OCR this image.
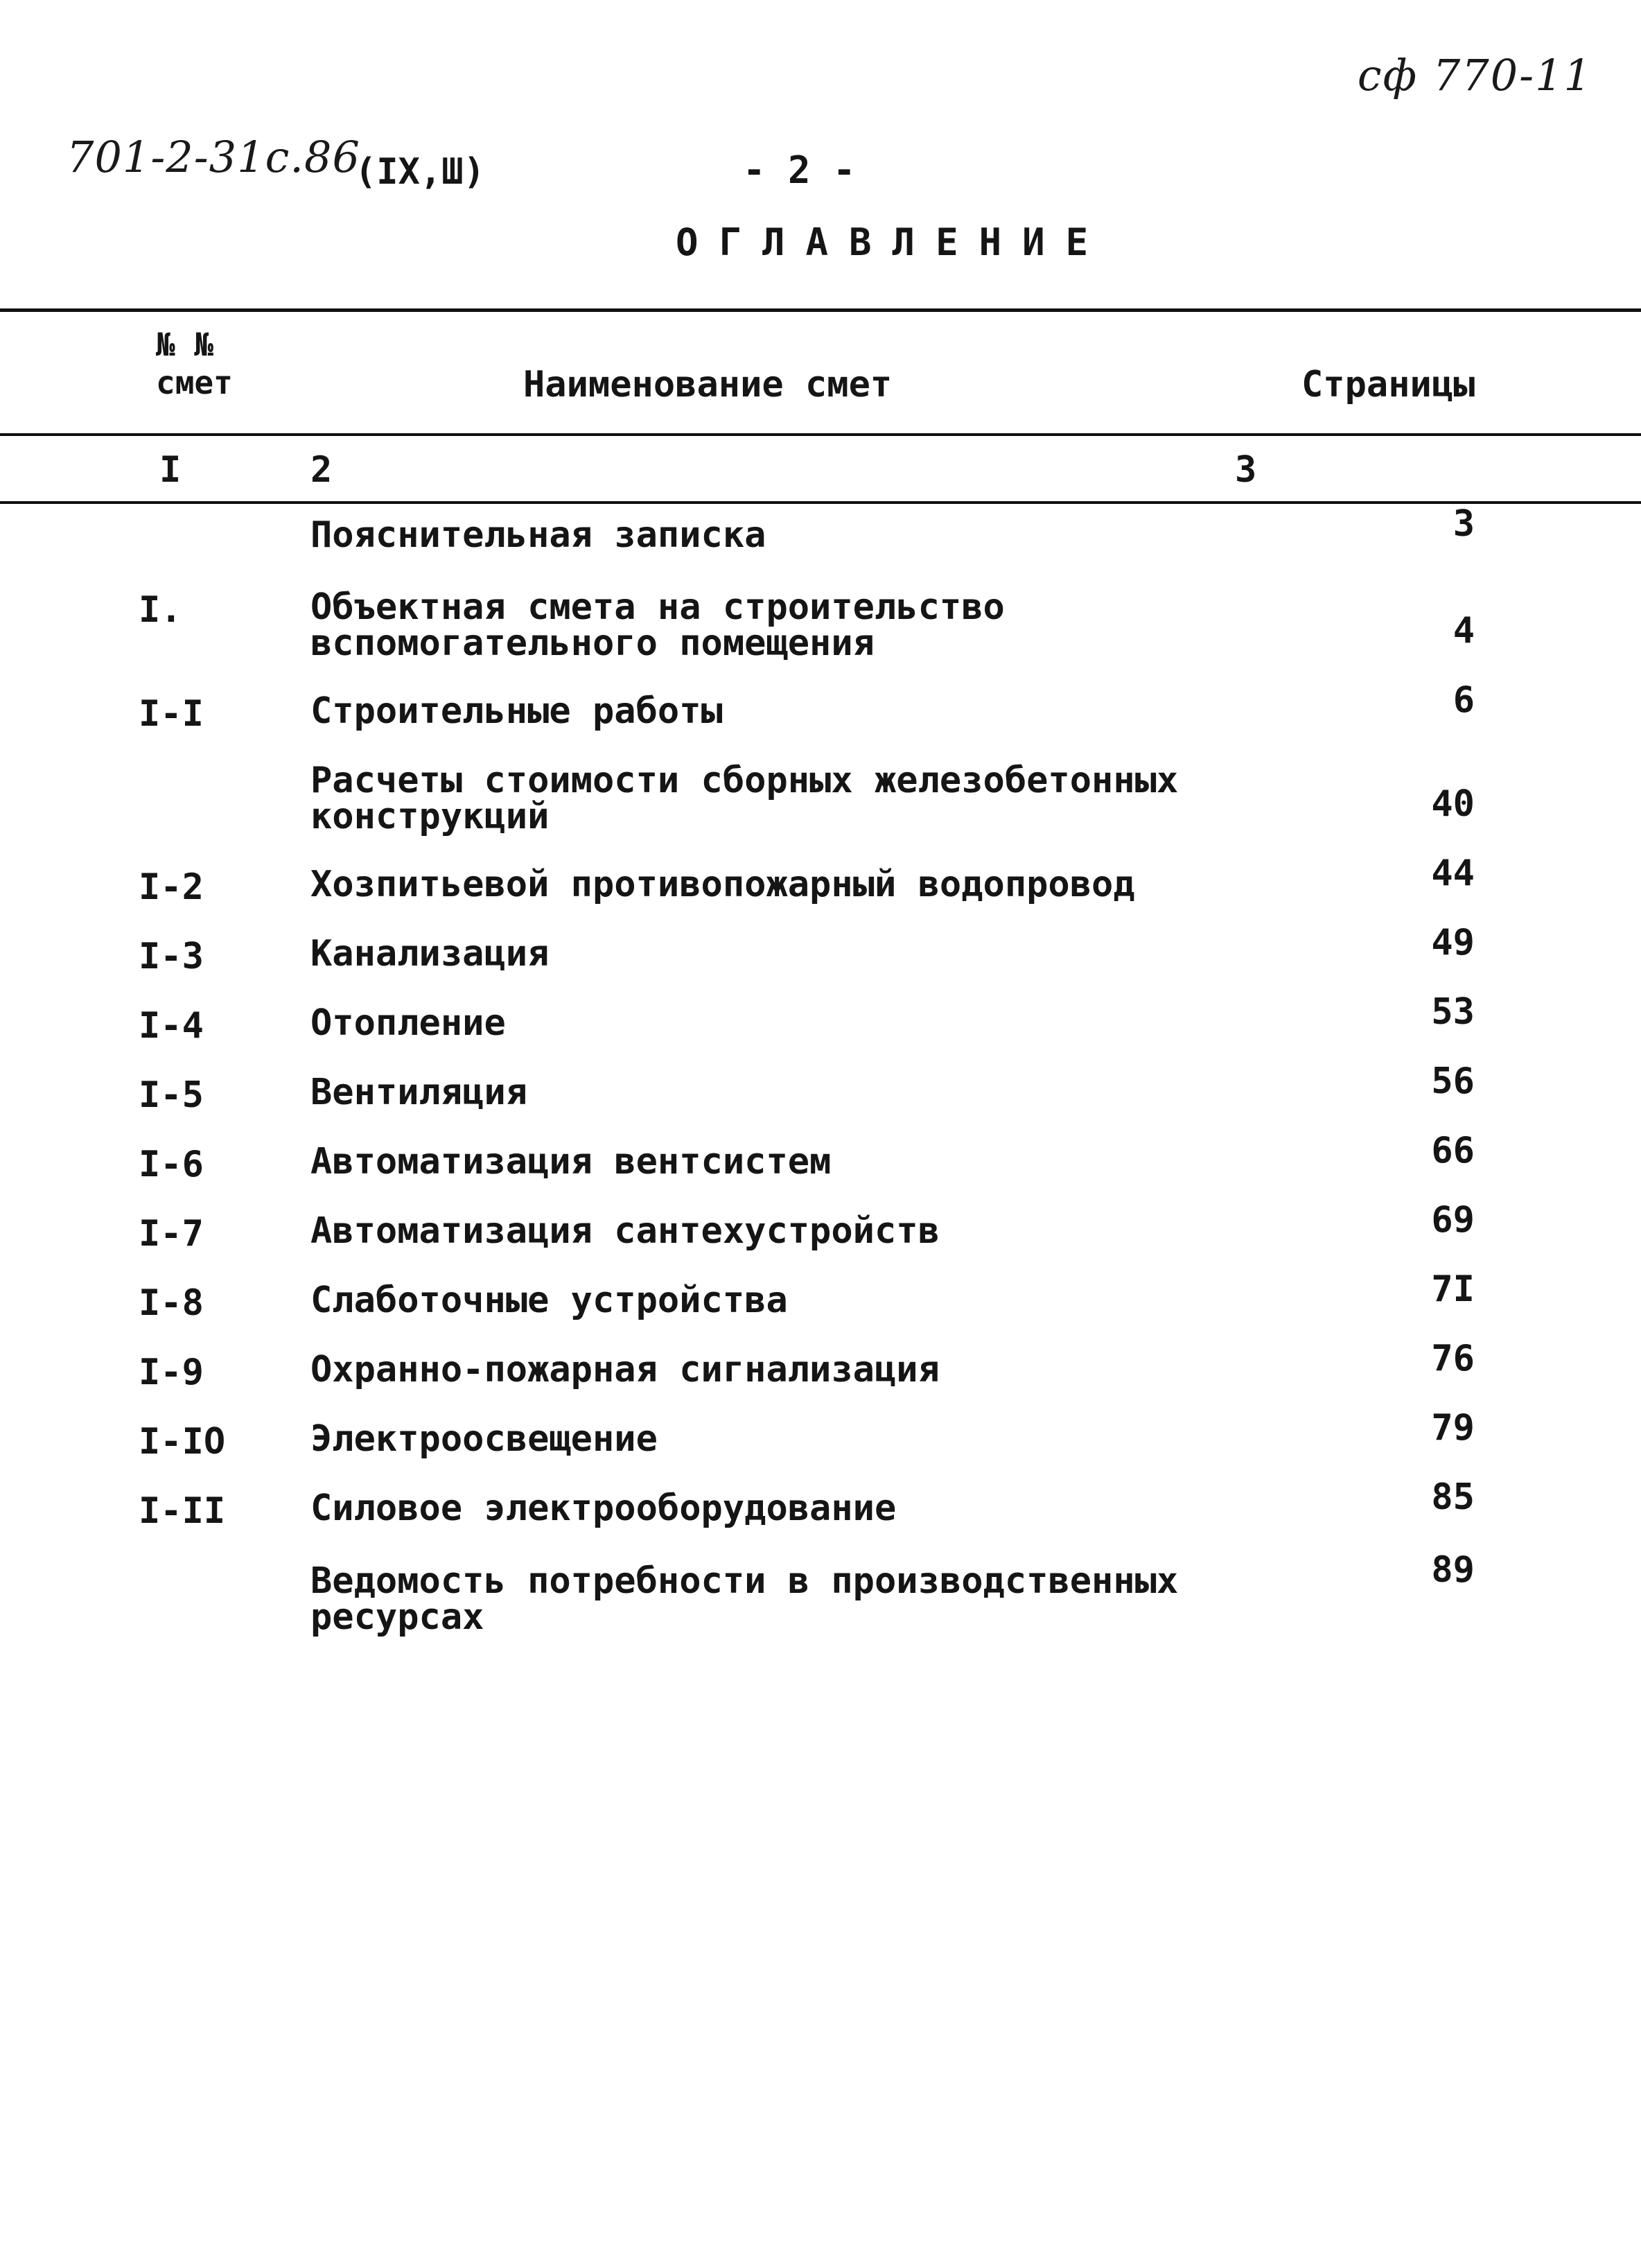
сф 770-11
701-2-31с.86
(IX,Ш)	- 2 -
ОГЛАВЛЕНИЕ
№ №
смет	Наименование смет	Страницы
I	2	3
Пояснительная записка	3
I.	Объектная смета на строительство
вспомогательного помещения	4
I-I	Строительные работы	6
Расчеты стоимости сборных железобетонных
конструкций	40
I-2	Хозпитьевой противопожарный водопровод	44
I-3	Канализация	49
I-4	Отопление	53
I-5	Вентиляция	56
I-6	Автоматизация вентсистем	66
I-7	Автоматизация сантехустройств	69
I-8	Слаботочные устройства	7I
I-9	Охранно-пожарная сигнализация	76
I-IO Электроосвещение	79
I-II Силовое электрооборудование	85
Ведомость потребности в производственных
ресурсах
89
